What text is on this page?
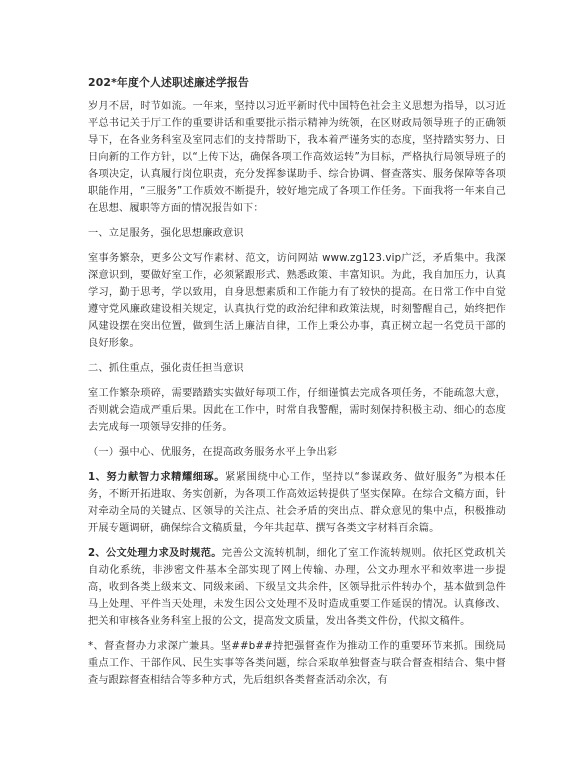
202*年度个人述职述廉述学报告
岁月不居，时节如流。一年来，坚持以习近平新时代中国特色社会主义思想为指导，以习近平总书记关于厅工作的重要讲话和重要批示指示精神为统领，在区财政局领导班子的正确领导下，在各业务科室及室同志们的支持帮助下，我本着严谨务实的态度，坚持踏实努力、日日向新的工作方针，以“上传下达，确保各项工作高效运转”为目标，严格执行局领导班子的各项决定，认真履行岗位职责，充分发挥参谋助手、综合协调、督查落实、服务保障等各项职能作用，“三服务”工作质效不断提升，较好地完成了各项工作任务。下面我将一年来自己在思想、履职等方面的情况报告如下：
一、立足服务，强化思想廉政意识
室事务繁杂，更多公文写作素材、范文，访问网站 www.zg123.vip广泛，矛盾集中。我深深意识到，要做好室工作，必须紧跟形式、熟悉政策、丰富知识。为此，我自加压力，认真学习，勤于思考，学以致用，自身思想素质和工作能力有了较快的提高。在日常工作中自觉遵守党风廉政建设相关规定，认真执行党的政治纪律和政策法规，时刻警醒自己，始终把作风建设摆在突出位置，做到生活上廉洁自律，工作上秉公办事，真正树立起一名党员干部的良好形象。
二、抓住重点，强化责任担当意识
室工作繁杂琐碎，需要踏踏实实做好每项工作，仔细谨慎去完成各项任务，不能疏忽大意，否则就会造成严重后果。因此在工作中，时常自我警醒，需时刻保持积极主动、细心的态度去完成每一项领导安排的任务。
（一）强中心、优服务，在提高政务服务水平上争出彩
1、努力献智力求精耀细琢。紧紧围绕中心工作，坚持以“参谋政务、做好服务”为根本任务，不断开拓进取、务实创新，为各项工作高效运转提供了坚实保障。在综合文稿方面，针对牵动全局的关键点、区领导的关注点、社会矛盾的突出点、群众意见的集中点，积极推动开展专题调研，确保综合文稿质量，今年共起草、撰写各类文字材料百余篇。
2、公文处理力求及时规范。完善公文流转机制，细化了室工作流转规则。依托区党政机关自动化系统，非涉密文件基本全部实现了网上传输、办理，公文办理水平和效率进一步提高，收到各类上级来文、同级来函、下级呈文共余件，区领导批示件转办个，基本做到急件马上处理、平件当天处理，未发生因公文处理不及时造成重要工作延误的情况。认真修改、把关和审核各业务科室上报的公文，提高发文质量，发出各类文件份，代拟文稿件。
*、督查督办力求深广兼具。坚##b##持把强督查作为推动工作的重要环节来抓。围绕局重点工作、干部作风、民生实事等各类问题，综合采取单独督查与联合督查相结合、集中督查与跟踪督查相结合等多种方式，先后组织各类督查活动余次，有
